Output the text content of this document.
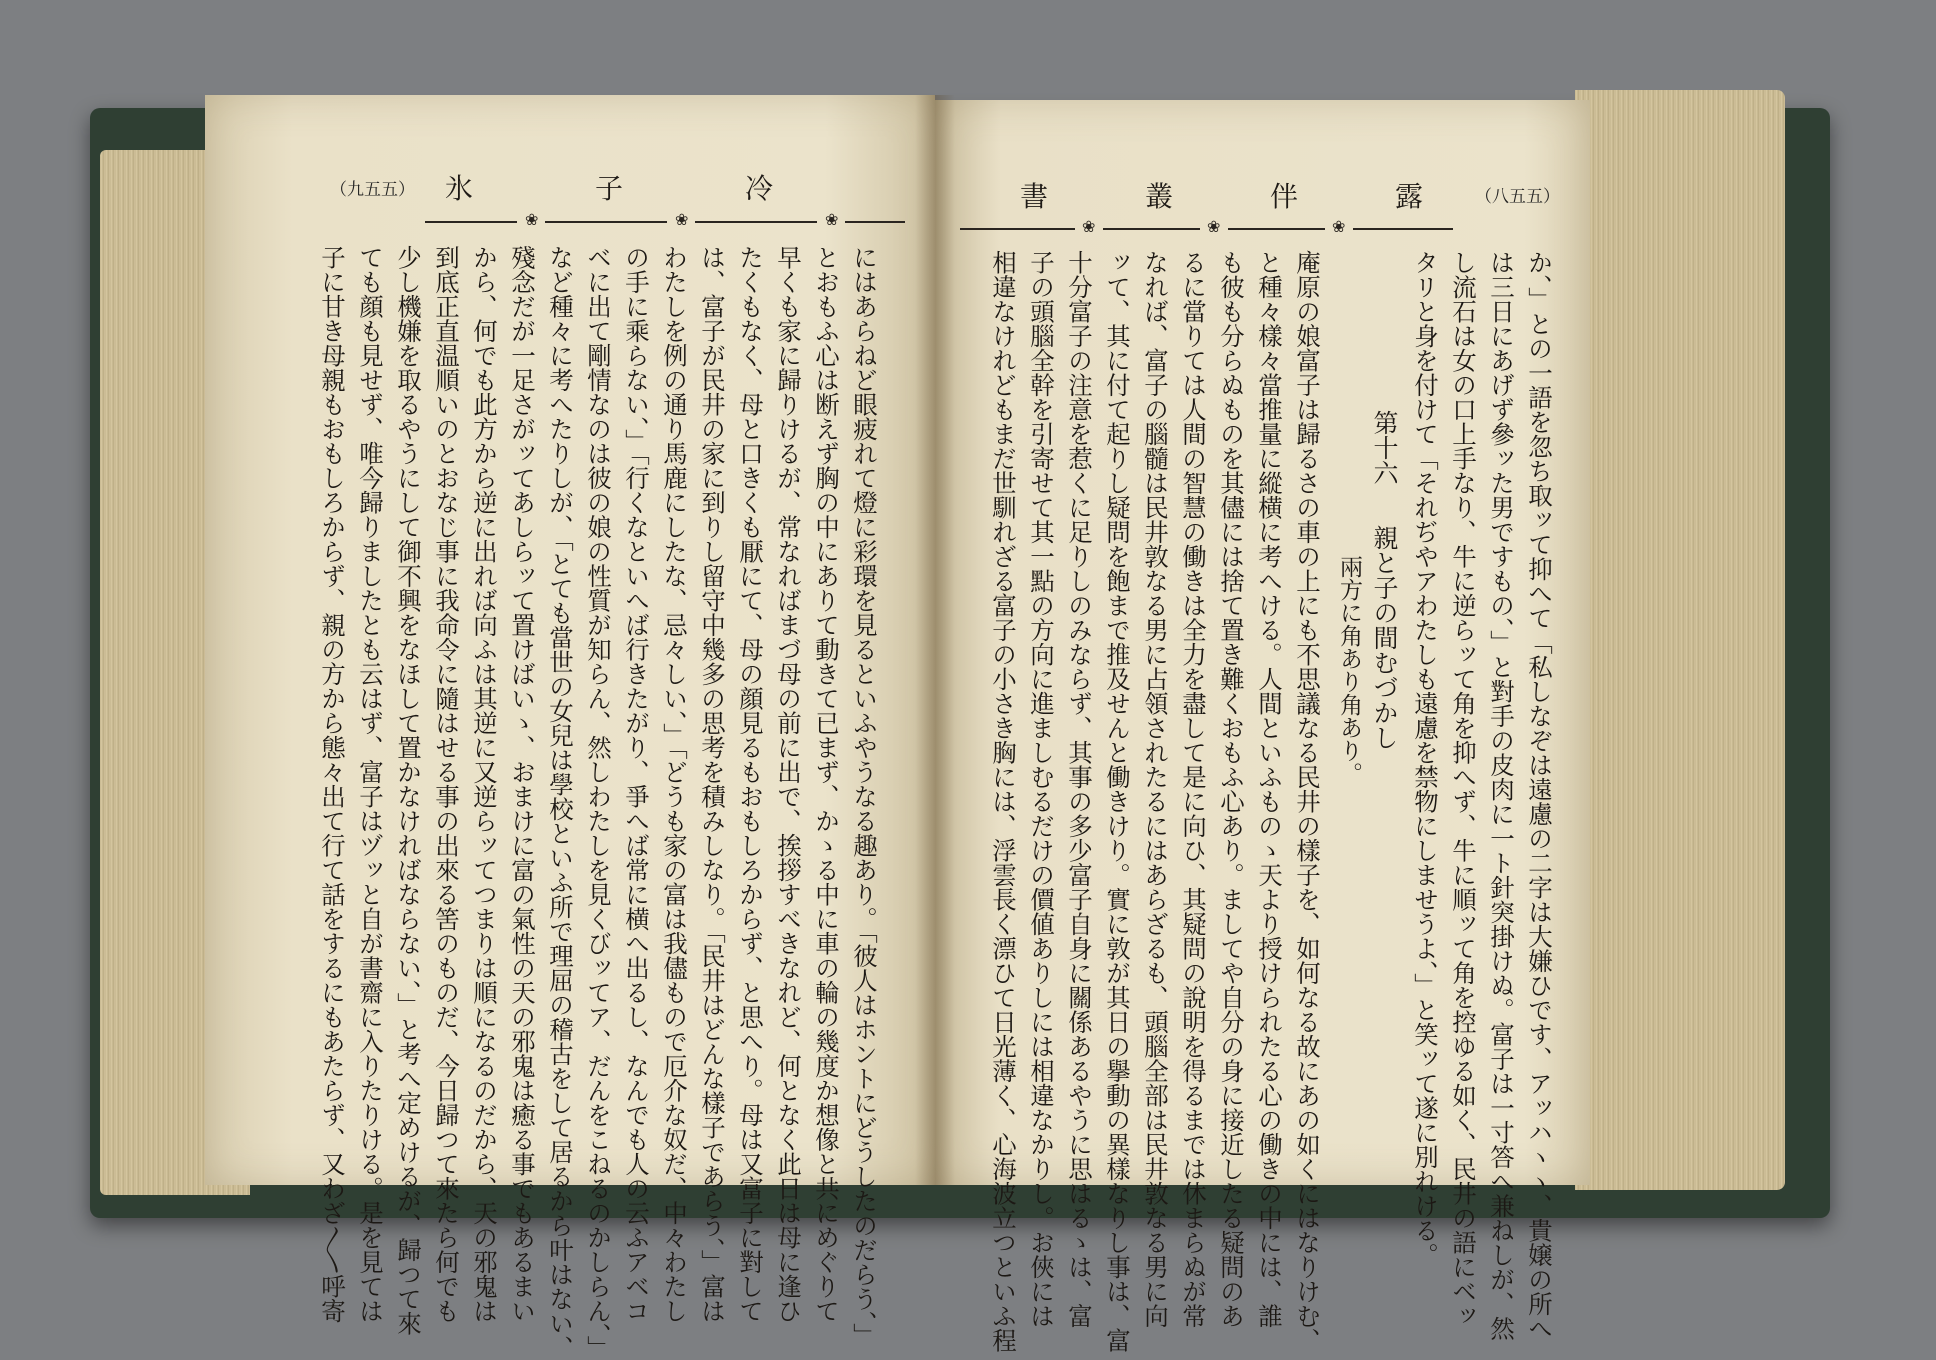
（九五五） 氷	子	冷
❀	❀	❀
にはあらねど眼疲れて燈に彩環を見るといふやうなる趣あり。「彼人はホントにどうしたのだらう、」
とおもふ心は断えず胸の中にありて動きて已まず、かゝる中に車の輪の幾度か想像と共にめぐりて
早くも家に歸りけるが、常なればまづ母の前に出で、挨拶すべきなれど、何となく此日は母に逢ひ
たくもなく、母と口きくも厭にて、母の顔見るもおもしろからず、と思へり。母は又富子に對して
は、富子が民井の家に到りし留守中幾多の思考を積みしなり。「民井はどんな樣子であらう、」富は
わたしを例の通り馬鹿にしたな、忌々しい、」「どうも家の富は我儘もので厄介な奴だ、中々わたし
の手に乘らない、」「行くなといへば行きたがり、爭へば常に横へ出るし、なんでも人の云ふアベコ
ベに出て剛情なのは彼の娘の性質が知らん、然しわたしを見くびッてア、だんをこねるのかしらん、」
など種々に考へたりしが、「とても當世の女兒は學校といふ所で理屈の稽古をして居るから叶はない、
殘念だが一足さがッてあしらッて置けばいゝ、おまけに富の氣性の天の邪鬼は癒る事でもあるまい
から、何でも此方から逆に出れば向ふは其逆に又逆らッてつまりは順になるのだから、天の邪鬼は
到底正直温順いのとおなじ事に我命令に隨はせる事の出來る筈のものだ、今日歸つて來たら何でも
少し機嫌を取るやうにして御不興をなほして置かなければならない、」と考へ定めけるが、歸つて來
ても顔も見せず、唯今歸りましたとも云はず、富子はヅッと自が書齋に入りたりける。是を見ては
子に甘き母親もおもしろからず、親の方から態々出て行て話をするにもあたらず、又わざ〳〵呼寄
露
伴
叢
書	（八五五）
❀	❀	❀
か、」との一語を忽ち取ッて抑へて「私しなぞは遠慮の二字は大嫌ひです、アッハヽヽ、貴嬢の所へ
は三日にあげず參ッた男ですもの、」と對手の皮肉に一ト針突掛けぬ。富子は一寸答へ兼ねしが、然
し流石は女の口上手なり、牛に逆らッて角を抑へず、牛に順ッて角を控ゆる如く、民井の語にベッ
タリと身を付けて「それぢやアわたしも遠慮を禁物にしませうよ、」と笑ッて遂に別れける。
第十六
親と子の間むづかし
兩方に角あり角あり。
庵原の娘富子は歸るさの車の上にも不思議なる民井の樣子を、如何なる故にあの如くにはなりけむ、
と種々樣々當推量に縱横に考へける。人間といふものゝ天より授けられたる心の働きの中には、誰
も彼も分らぬものを其儘には捨て置き難くおもふ心あり。ましてや自分の身に接近したる疑問のあ
るに當りては人間の智慧の働きは全力を盡して是に向ひ、其疑問の說明を得るまでは休まらぬが常
なれば、富子の腦髓は民井敦なる男に占領されたるにはあらざるも、頭腦全部は民井敦なる男に向
ッて、其に付て起りし疑問を飽まで推及せんと働きけり。實に敦が其日の擧動の異樣なりし事は、富
十分富子の注意を惹くに足りしのみならず、其事の多少富子自身に關係あるやうに思はるゝは、富
子の頭腦全幹を引寄せて其一點の方向に進ましむるだけの價値ありしには相違なかりし。お俠には
相違なけれどもまだ世馴れざる富子の小さき胸には、浮雲長く漂ひて日光薄く、心海波立つといふ程
